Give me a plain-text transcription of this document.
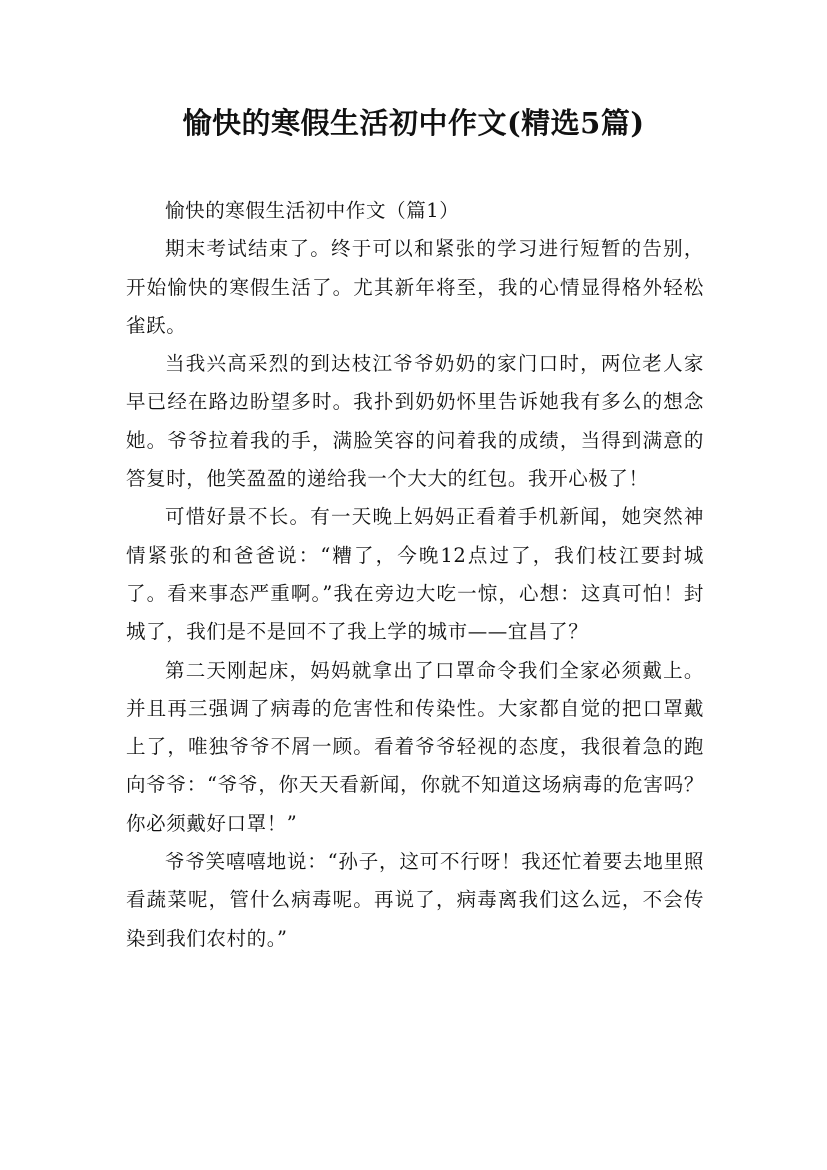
愉快的寒假生活初中作文(精选5篇)

愉快的寒假生活初中作文（篇1）

期末考试结束了。终于可以和紧张的学习进行短暂的告别，开始愉快的寒假生活了。尤其新年将至，我的心情显得格外轻松雀跃。

当我兴高采烈的到达枝江爷爷奶奶的家门口时，两位老人家早已经在路边盼望多时。我扑到奶奶怀里告诉她我有多么的想念她。爷爷拉着我的手，满脸笑容的问着我的成绩，当得到满意的答复时，他笑盈盈的递给我一个大大的红包。我开心极了！

可惜好景不长。有一天晚上妈妈正看着手机新闻，她突然神情紧张的和爸爸说：“糟了，今晚12点过了，我们枝江要封城了。看来事态严重啊。”我在旁边大吃一惊，心想：这真可怕！封城了，我们是不是回不了我上学的城市——宜昌了？

第二天刚起床，妈妈就拿出了口罩命令我们全家必须戴上。并且再三强调了病毒的危害性和传染性。大家都自觉的把口罩戴上了，唯独爷爷不屑一顾。看着爷爷轻视的态度，我很着急的跑向爷爷：“爷爷，你天天看新闻，你就不知道这场病毒的危害吗？你必须戴好口罩！”

爷爷笑嘻嘻地说：“孙子，这可不行呀！我还忙着要去地里照看蔬菜呢，管什么病毒呢。再说了，病毒离我们这么远，不会传染到我们农村的。”
